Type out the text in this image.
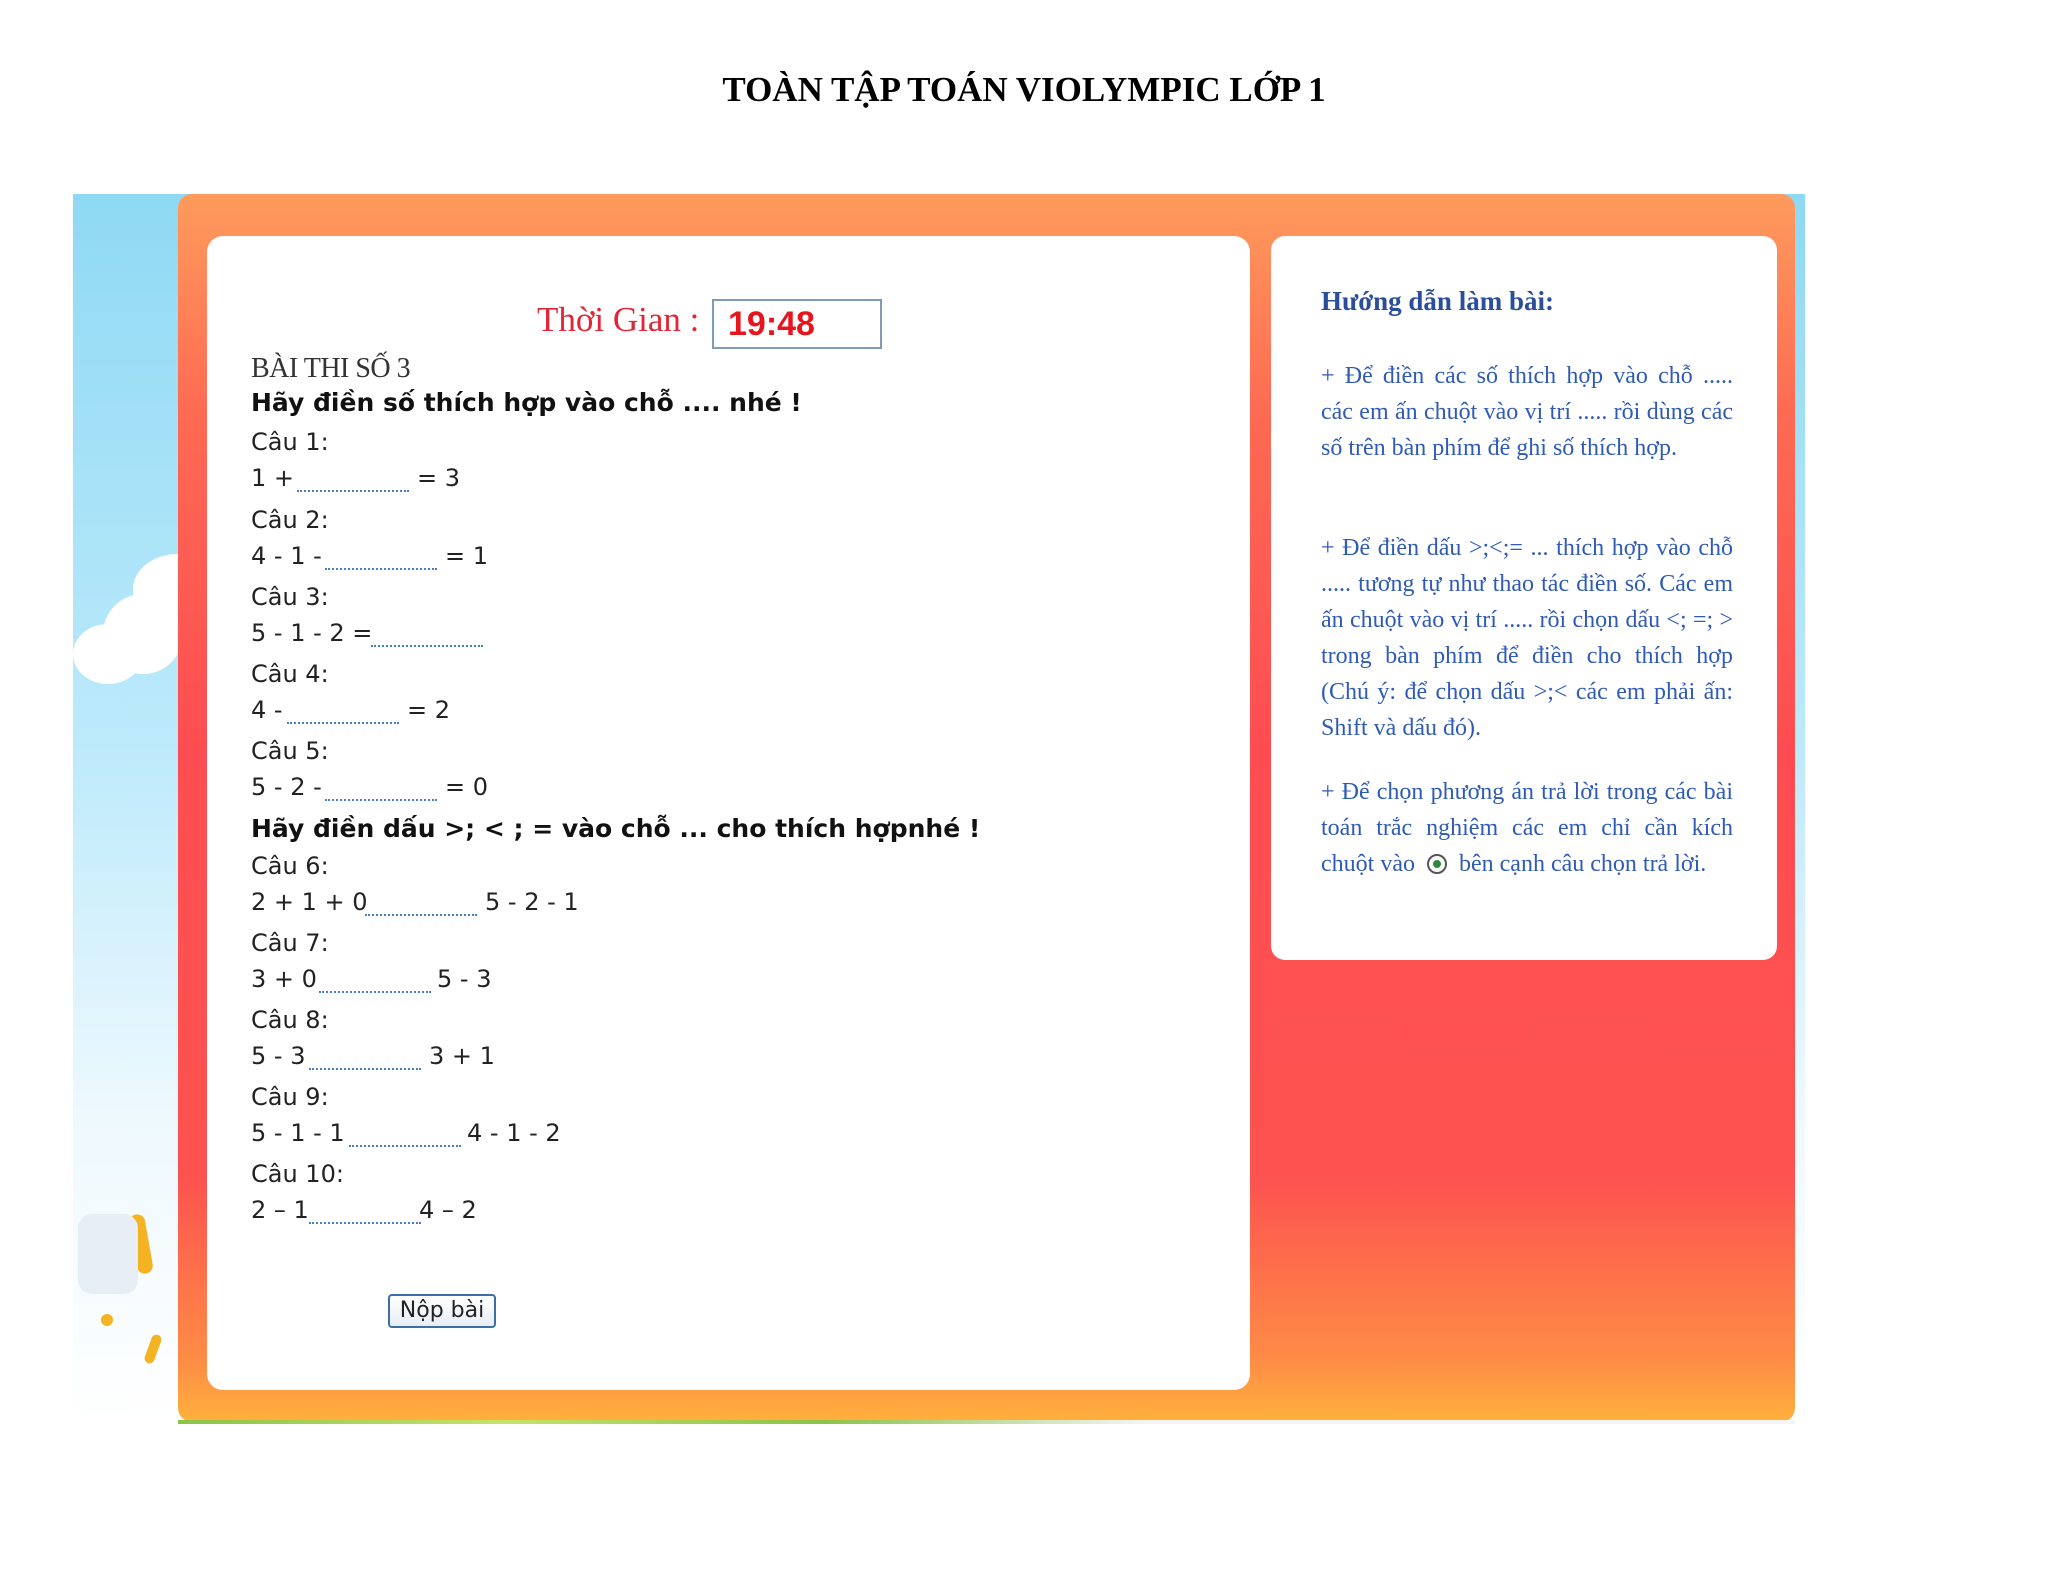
TOÀN TẬP TOÁN VIOLYMPIC LỚP 1
Thời Gian : 19:48
BÀI THI SỐ 3
Hãy điền số thích hợp vào chỗ .... nhé !
Câu 1:
1 +	= 3
Câu 2:
4 - 1 -	= 1
Câu 3:
5 - 1 - 2 =
Câu 4:
4 -	= 2
Câu 5:
5 - 2 -	= 0
Hãy điền dấu >; < ; = vào chỗ ... cho thích hợpnhé !
Câu 6:
2 + 1 + 0	5 - 2 - 1
Câu 7:
3 + 0	5 - 3
Câu 8:
5 - 3	3 + 1
Câu 9:
5 - 1 - 1	4 - 1 - 2
Câu 10:
2 – 1	4 – 2
Nộp bài
Hướng dẫn làm bài:
+ Để điền các số thích hợp vào chỗ ..... các em ấn chuột vào vị trí ..... rồi dùng các số trên bàn phím để ghi số thích hợp.
+ Để điền dấu >;<;= ... thích hợp vào chỗ ..... tương tự như thao tác điền số. Các em ấn chuột vào vị trí ..... rồi chọn dấu <; =; > trong bàn phím để điền cho thích hợp (Chú ý: để chọn dấu >;< các em phải ấn: Shift và dấu đó).
+ Để chọn phương án trả lời trong các bài toán trắc nghiệm các em chỉ cần kích chuột vào bên cạnh câu chọn trả lời.
